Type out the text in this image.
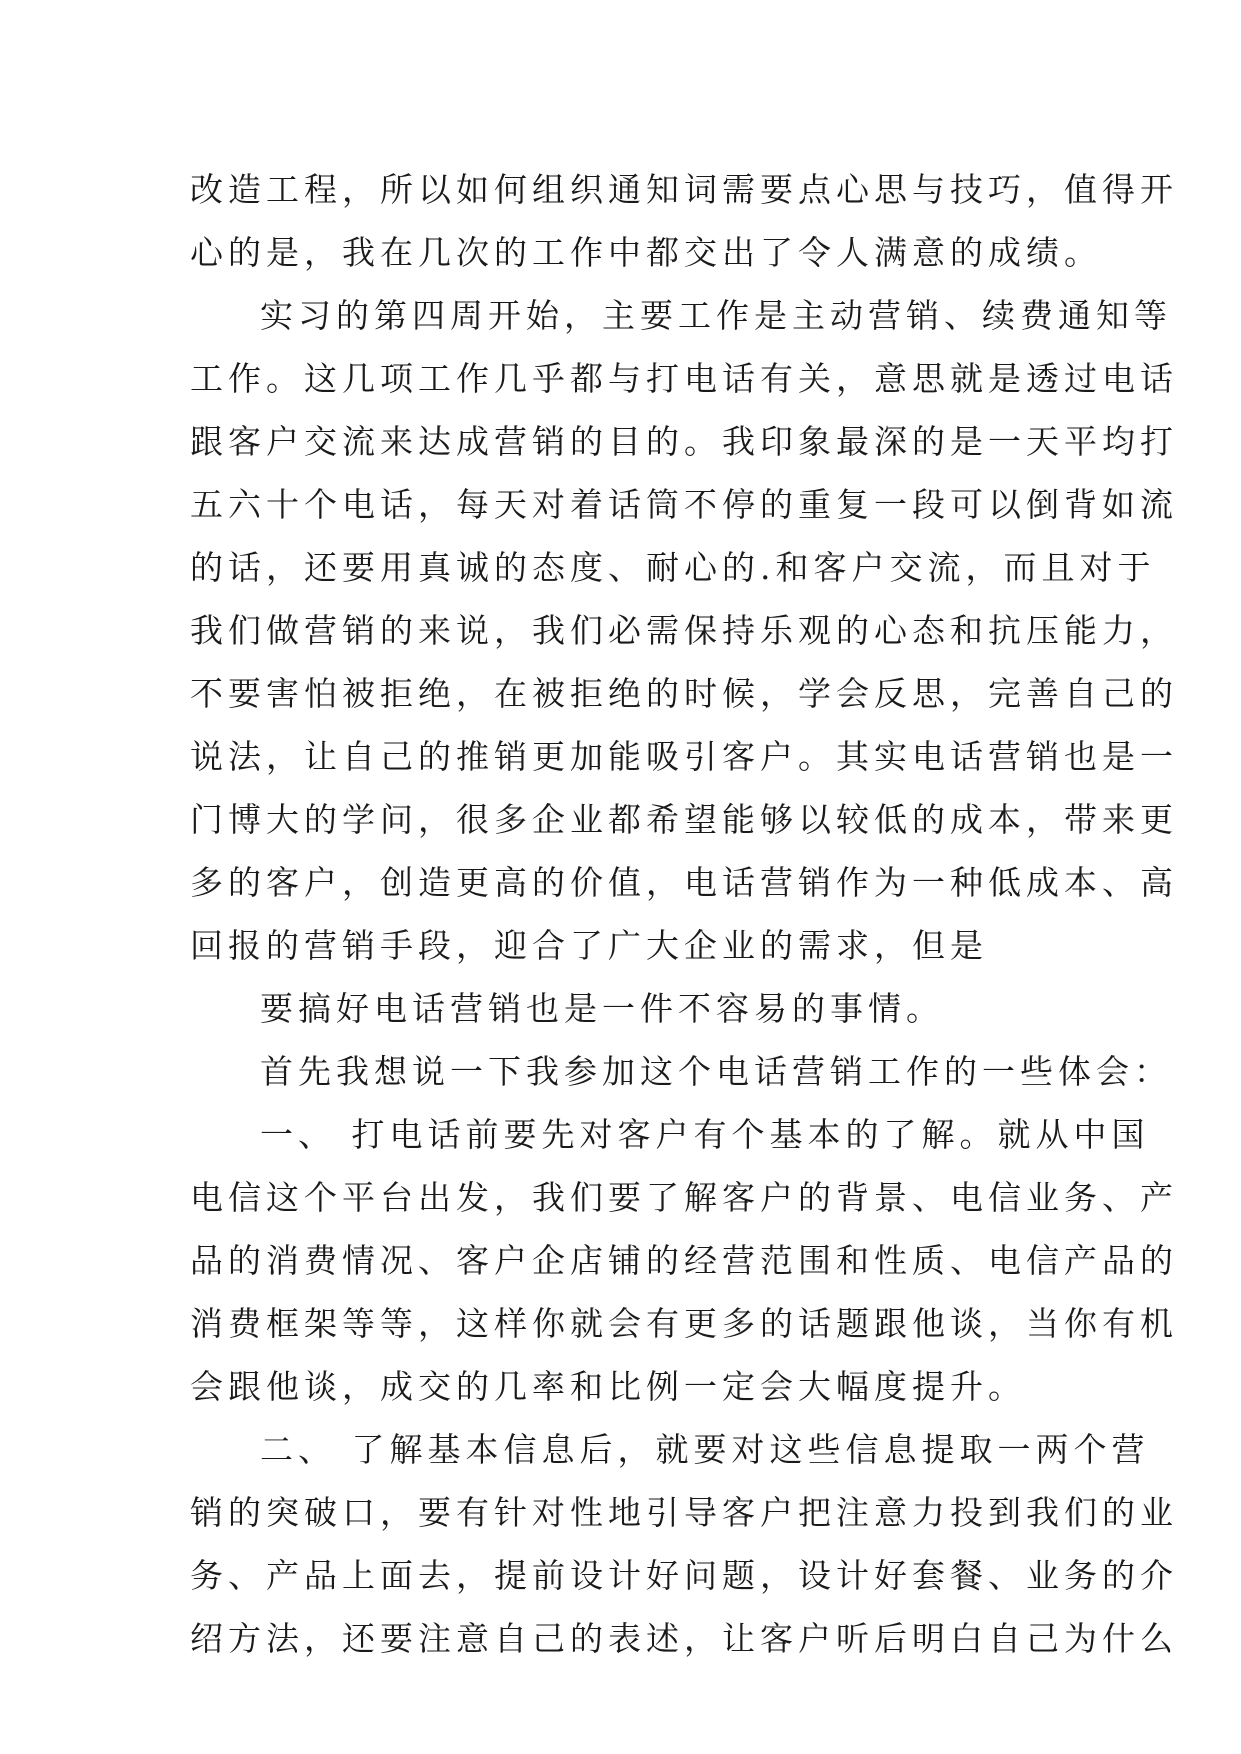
改造工程，所以如何组织通知词需要点心思与技巧，值得开
心的是，我在几次的工作中都交出了令人满意的成绩。
实习的第四周开始，主要工作是主动营销、续费通知等
工作。这几项工作几乎都与打电话有关，意思就是透过电话
跟客户交流来达成营销的目的。我印象最深的是一天平均打
五六十个电话，每天对着话筒不停的重复一段可以倒背如流
的话，还要用真诚的态度、耐心的.和客户交流，而且对于
我们做营销的来说，我们必需保持乐观的心态和抗压能力，
不要害怕被拒绝，在被拒绝的时候，学会反思，完善自己的
说法，让自己的推销更加能吸引客户。其实电话营销也是一
门博大的学问，很多企业都希望能够以较低的成本，带来更
多的客户，创造更高的价值，电话营销作为一种低成本、高
回报的营销手段，迎合了广大企业的需求，但是
要搞好电话营销也是一件不容易的事情。
首先我想说一下我参加这个电话营销工作的一些体会：
一、 打电话前要先对客户有个基本的了解。就从中国
电信这个平台出发，我们要了解客户的背景、电信业务、产
品的消费情况、客户企店铺的经营范围和性质、电信产品的
消费框架等等，这样你就会有更多的话题跟他谈，当你有机
会跟他谈，成交的几率和比例一定会大幅度提升。
二、 了解基本信息后，就要对这些信息提取一两个营
销的突破口，要有针对性地引导客户把注意力投到我们的业
务、产品上面去，提前设计好问题，设计好套餐、业务的介
绍方法，还要注意自己的表述，让客户听后明白自己为什么
